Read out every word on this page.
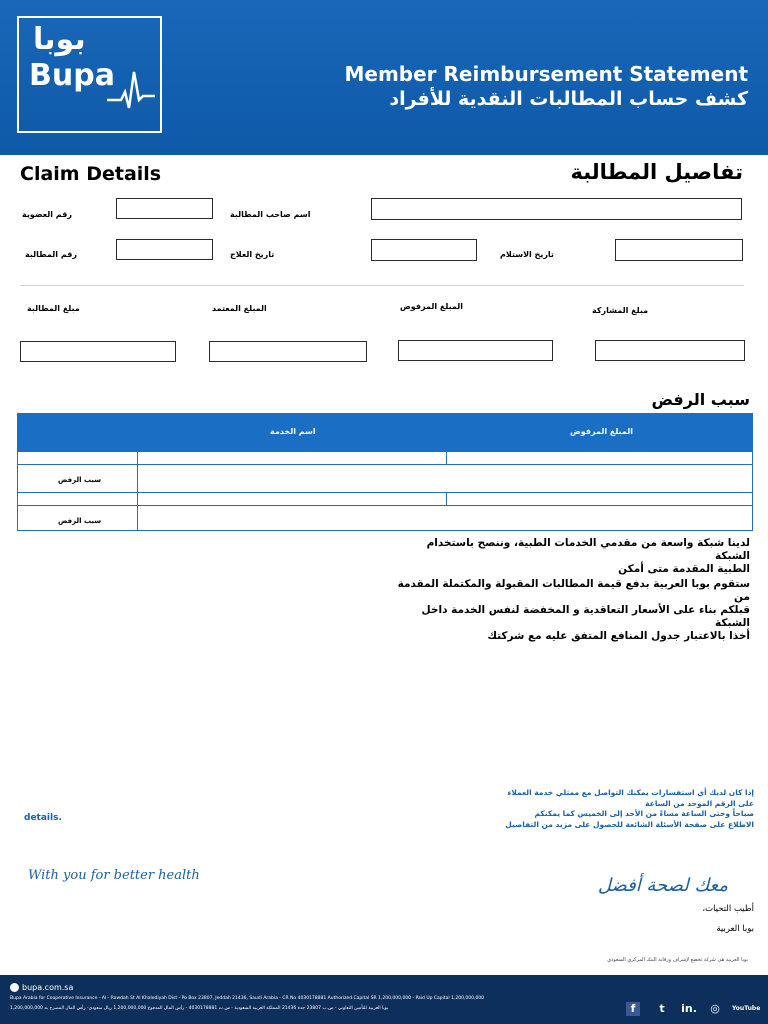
بوبا
Bupa	Member Reimbursement Statement
كشف حساب المطالبات النقدية للأفراد
Claim Details	تفاصيل المطالبة
رقم العضوية	اسم صاحب المطالبة
رقم المطالبة	تاريخ العلاج	تاريخ الاستلام
مبلغ المطالبة	المبلغ المعتمد	المبلغ المرفوض	مبلغ المشاركة
سبب الرفض
اسم الخدمة	المبلغ المرفوض
سبب الرفض
سبب الرفض
لدينا شبكة واسعة من مقدمي الخدمات الطبية، وننصح باستخدام الشبكة
الطبية المقدمة متى أمكن
ستقوم بوبا العربية بدفع قيمة المطالبات المقبولة والمكتملة المقدمة من
قبلكم بناء على الأسعار التعاقدية و المخفضة لنفس الخدمة داخل الشبكة
أخذا بالاعتبار جدول المنافع المتفق عليه مع شركتك
إذا كان لديك أي استفسارات يمكنك التواصل مع ممثلي خدمة العملاء
على الرقم الموحد من الساعة
صباحاً وحتى الساعة مساءً من الأحد إلى الخميس كما يمكنكم
الاطلاع على صفحة الأسئلة الشائعة للحصول على مزيد من التفاصيل
details.
With you for better health	معك لصحة أفضل
أطيب التحيات،
بوبا العربية
بوبا العربية هي شركة تخضع لإشراف ورقابة البنك المركزي السعودي
bupa.com.sa
Bupa Arabia for Cooperative Insurance - Al - Rawdah St Al Khalediyah Dist - Po Box 23807, Jeddah 21436, Saudi Arabia - CR No 4030178881 Authorized Capital SR 1,200,000,000 - Paid Up Capital 1,200,000,000
بوبا العربية للتأمين التعاوني - ص.ب 23807 جدة 21436 المملكة العربية السعودية - س.ت 4030178881 - رأس المال المدفوع 1,200,000,000 ريال سعودي- رأس المال المصرح به 1,200,000,000	f	t	in. ◎	YouTube
